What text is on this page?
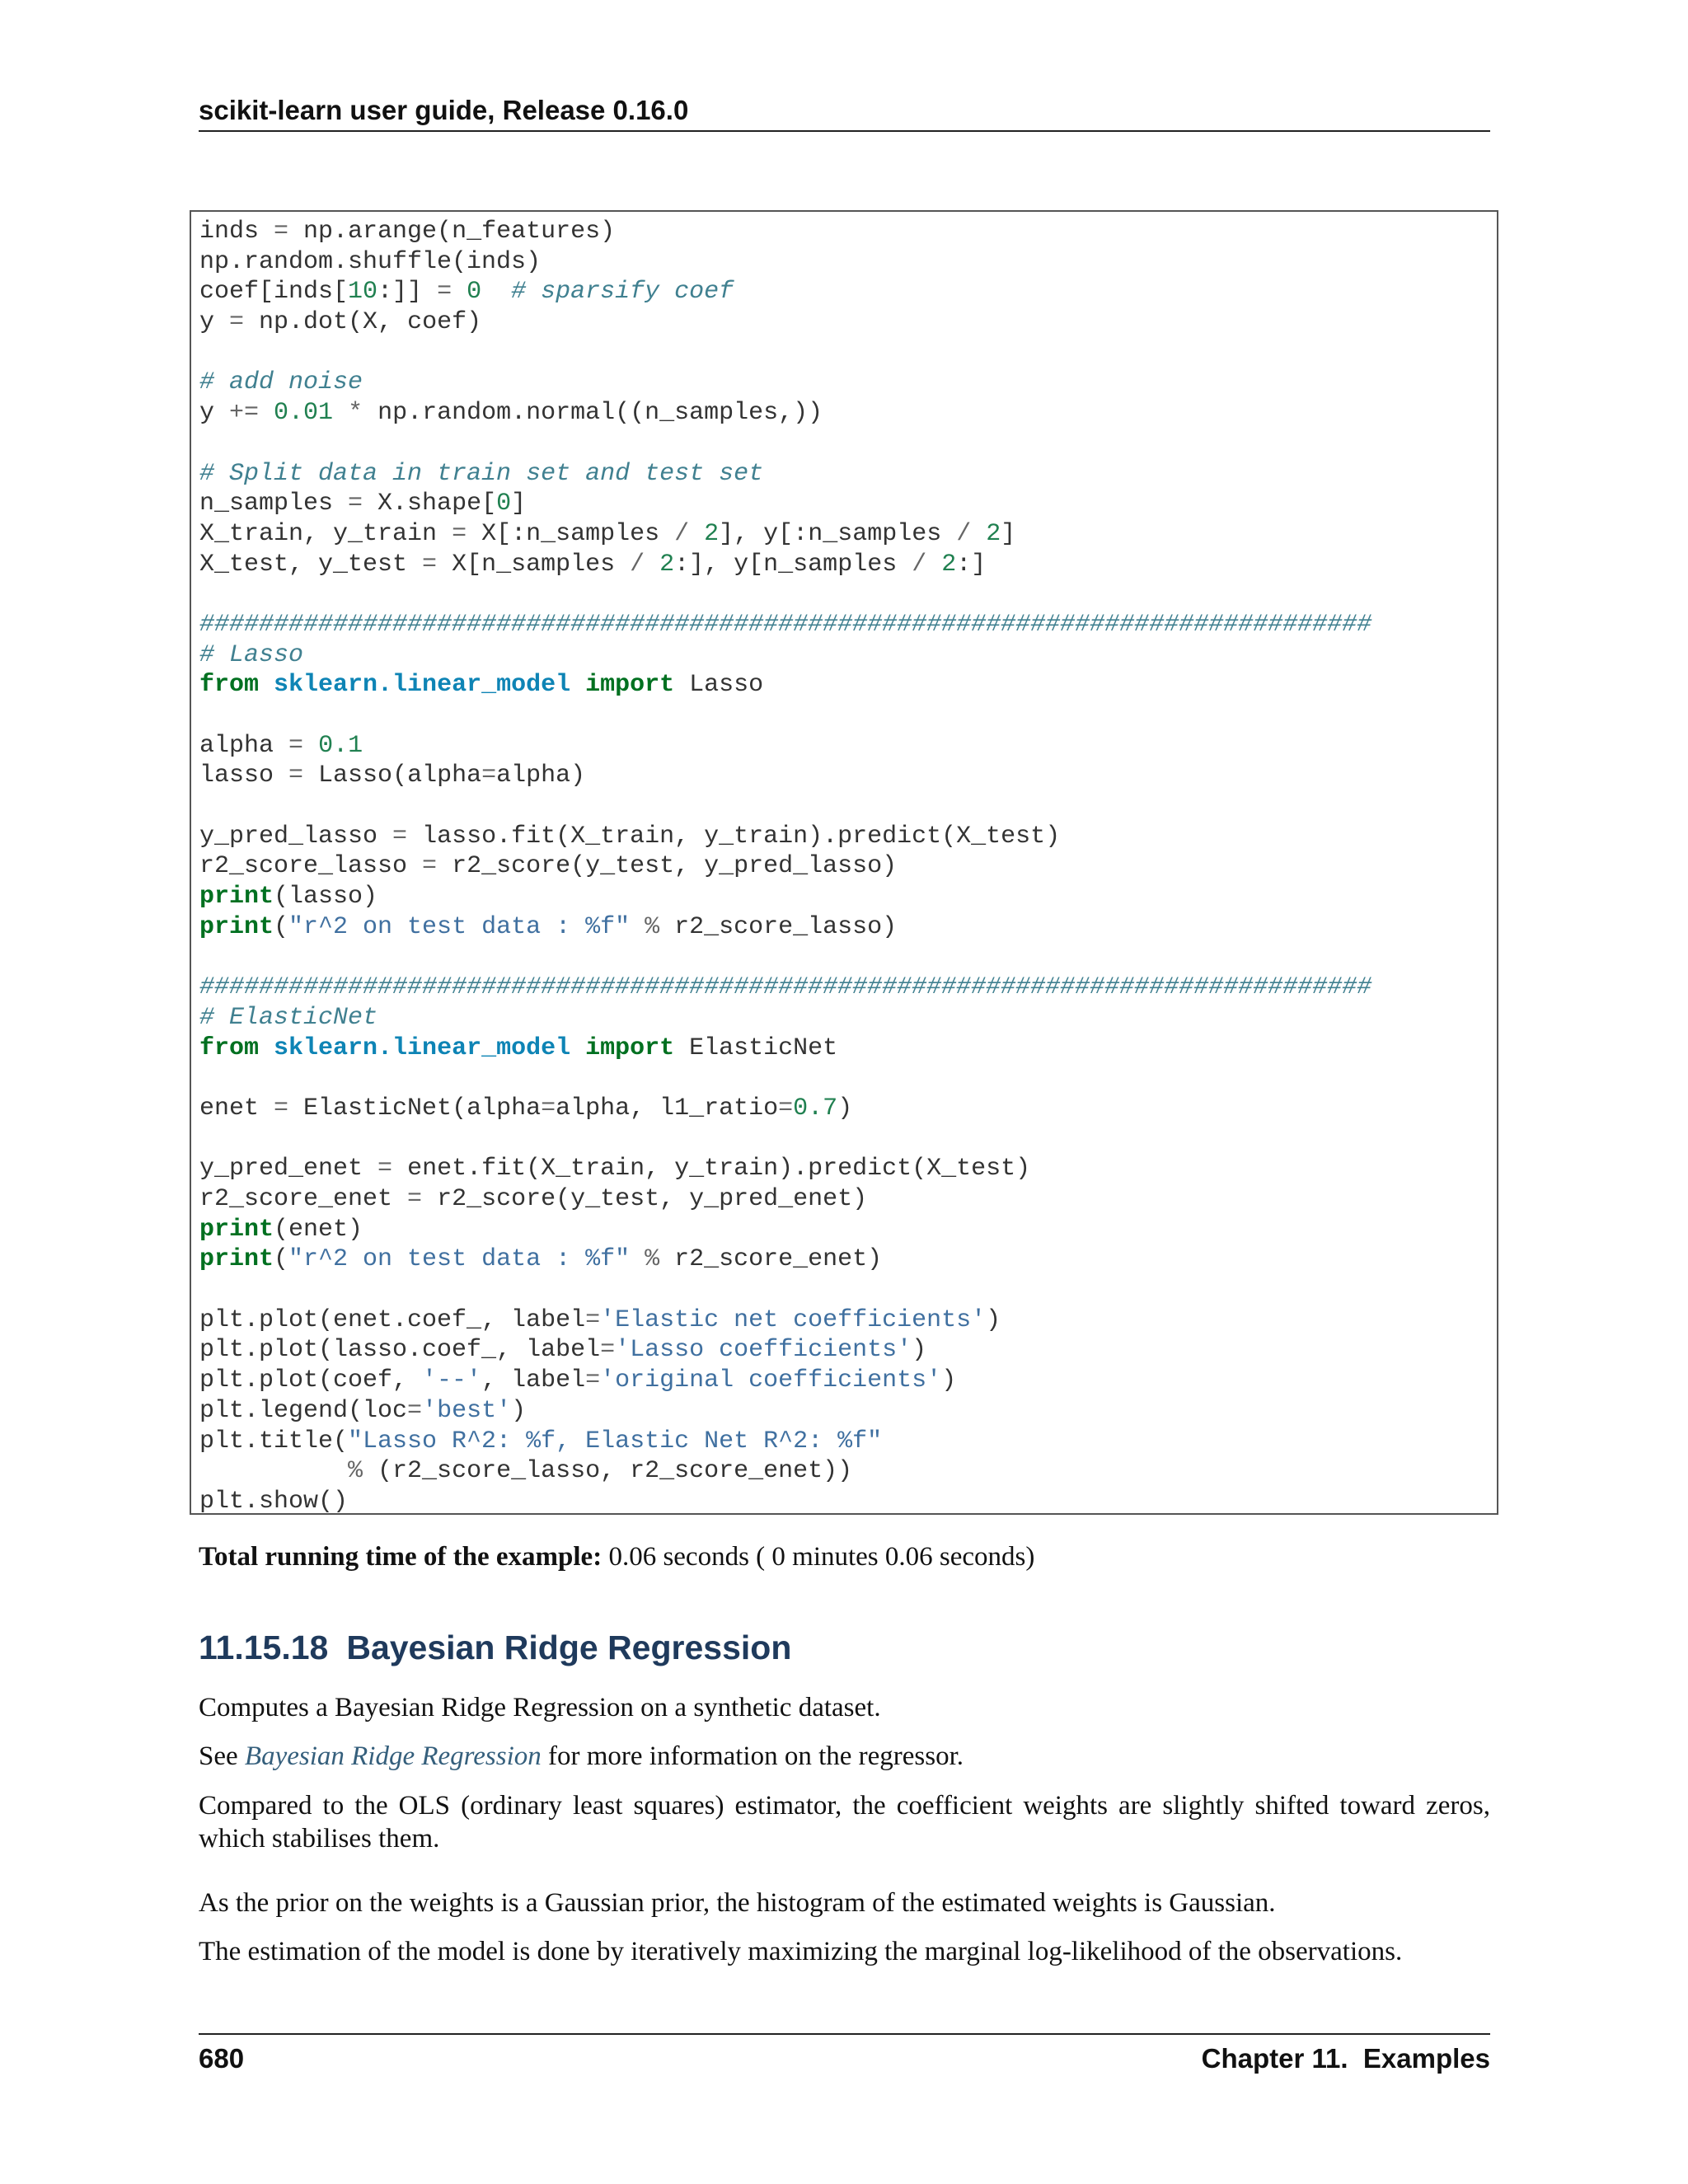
scikit-learn user guide, Release 0.16.0
inds = np.arange(n_features)
np.random.shuffle(inds)
coef[inds[10:]] = 0 # sparsify coef
y = np.dot(X, coef)

# add noise
y += 0.01 * np.random.normal((n_samples,))

# Split data in train set and test set
n_samples = X.shape[0]
X_train, y_train = X[:n_samples / 2], y[:n_samples / 2]
X_test, y_test = X[n_samples / 2:], y[n_samples / 2:]

###############################################################################
# Lasso
from sklearn.linear_model import Lasso

alpha = 0.1
lasso = Lasso(alpha=alpha)

y_pred_lasso = lasso.fit(X_train, y_train).predict(X_test)
r2_score_lasso = r2_score(y_test, y_pred_lasso)
print(lasso)
print("r^2 on test data : %f" % r2_score_lasso)

###############################################################################
# ElasticNet
from sklearn.linear_model import ElasticNet

enet = ElasticNet(alpha=alpha, l1_ratio=0.7)

y_pred_enet = enet.fit(X_train, y_train).predict(X_test)
r2_score_enet = r2_score(y_test, y_pred_enet)
print(enet)
print("r^2 on test data : %f" % r2_score_enet)

plt.plot(enet.coef_, label='Elastic net coefficients')
plt.plot(lasso.coef_, label='Lasso coefficients')
plt.plot(coef, '--', label='original coefficients')
plt.legend(loc='best')
plt.title("Lasso R^2: %f, Elastic Net R^2: %f"
% (r2_score_lasso, r2_score_enet))
plt.show()
Total running time of the example: 0.06 seconds ( 0 minutes 0.06 seconds)
11.15.18 Bayesian Ridge Regression
Computes a Bayesian Ridge Regression on a synthetic dataset.
See Bayesian Ridge Regression for more information on the regressor.
Compared to the OLS (ordinary least squares) estimator, the coefficient weights are slightly shifted toward zeros, which stabilises them.
As the prior on the weights is a Gaussian prior, the histogram of the estimated weights is Gaussian.
The estimation of the model is done by iteratively maximizing the marginal log-likelihood of the observations.
680	Chapter 11.  Examples
